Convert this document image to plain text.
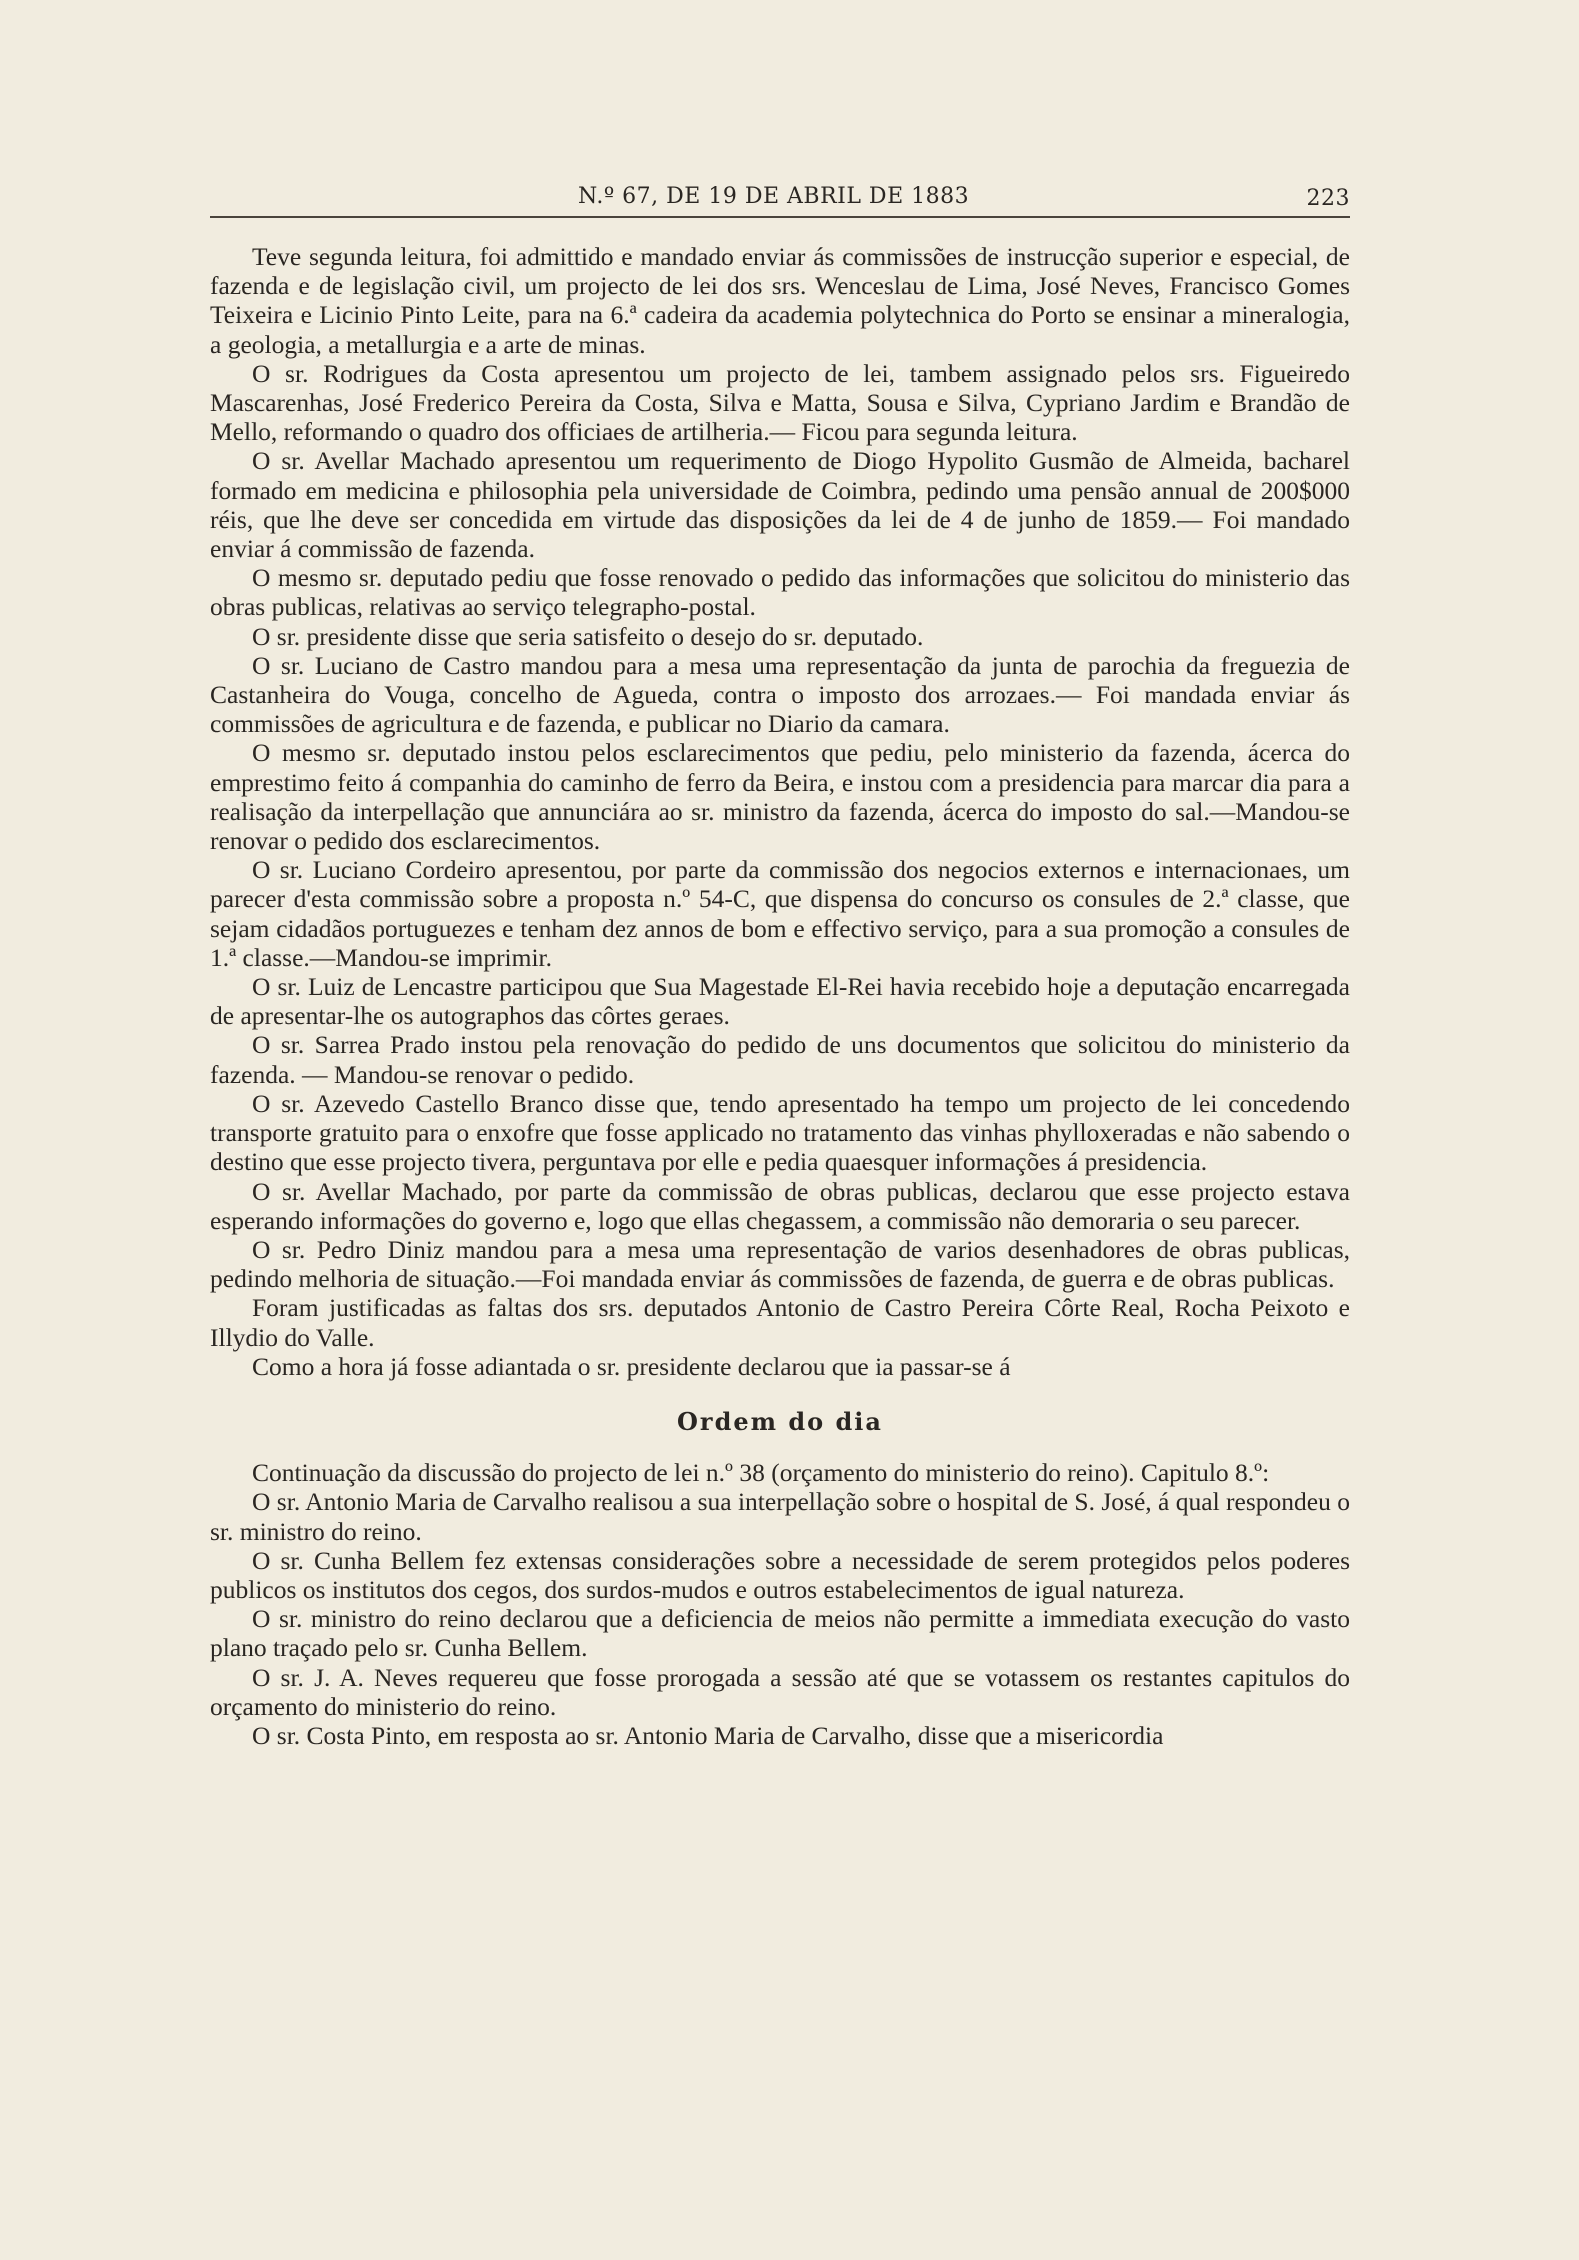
N.º 67, DE 19 DE ABRIL DE 1883	223

Teve segunda leitura, foi admittido e mandado enviar ás commissões de instrucção superior e especial, de fazenda e de legislação civil, um projecto de lei dos srs. Wenceslau de Lima, José Neves, Francisco Gomes Teixeira e Licinio Pinto Leite, para na 6.ª cadeira da academia polytechnica do Porto se ensinar a mineralogia, a geologia, a metallurgia e a arte de minas.

O sr. Rodrigues da Costa apresentou um projecto de lei, tambem assignado pelos srs. Figueiredo Mascarenhas, José Frederico Pereira da Costa, Silva e Matta, Sousa e Silva, Cypriano Jardim e Brandão de Mello, reformando o quadro dos officiaes de artilheria.— Ficou para segunda leitura.

O sr. Avellar Machado apresentou um requerimento de Diogo Hypolito Gusmão de Almeida, bacharel formado em medicina e philosophia pela universidade de Coimbra, pedindo uma pensão annual de 200$000 réis, que lhe deve ser concedida em virtude das disposições da lei de 4 de junho de 1859.— Foi mandado enviar á commissão de fazenda.

O mesmo sr. deputado pediu que fosse renovado o pedido das informações que solicitou do ministerio das obras publicas, relativas ao serviço telegrapho-postal.

O sr. presidente disse que seria satisfeito o desejo do sr. deputado.

O sr. Luciano de Castro mandou para a mesa uma representação da junta de parochia da freguezia de Castanheira do Vouga, concelho de Agueda, contra o imposto dos arrozaes.— Foi mandada enviar ás commissões de agricultura e de fazenda, e publicar no Diario da camara.

O mesmo sr. deputado instou pelos esclarecimentos que pediu, pelo ministerio da fazenda, ácerca do emprestimo feito á companhia do caminho de ferro da Beira, e instou com a presidencia para marcar dia para a realisação da interpellação que annunciára ao sr. ministro da fazenda, ácerca do imposto do sal.—Mandou-se renovar o pedido dos esclarecimentos.

O sr. Luciano Cordeiro apresentou, por parte da commissão dos negocios externos e internacionaes, um parecer d'esta commissão sobre a proposta n.º 54-C, que dispensa do concurso os consules de 2.ª classe, que sejam cidadãos portuguezes e tenham dez annos de bom e effectivo serviço, para a sua promoção a consules de 1.ª classe.—Mandou-se imprimir.

O sr. Luiz de Lencastre participou que Sua Magestade El-Rei havia recebido hoje a deputação encarregada de apresentar-lhe os autographos das côrtes geraes.

O sr. Sarrea Prado instou pela renovação do pedido de uns documentos que solicitou do ministerio da fazenda. — Mandou-se renovar o pedido.

O sr. Azevedo Castello Branco disse que, tendo apresentado ha tempo um projecto de lei concedendo transporte gratuito para o enxofre que fosse applicado no tratamento das vinhas phylloxeradas e não sabendo o destino que esse projecto tivera, perguntava por elle e pedia quaesquer informações á presidencia.

O sr. Avellar Machado, por parte da commissão de obras publicas, declarou que esse projecto estava esperando informações do governo e, logo que ellas chegassem, a commissão não demoraria o seu parecer.

O sr. Pedro Diniz mandou para a mesa uma representação de varios desenhadores de obras publicas, pedindo melhoria de situação.—Foi mandada enviar ás commissões de fazenda, de guerra e de obras publicas.

Foram justificadas as faltas dos srs. deputados Antonio de Castro Pereira Côrte Real, Rocha Peixoto e Illydio do Valle.

Como a hora já fosse adiantada o sr. presidente declarou que ia passar-se á

Ordem do dia

Continuação da discussão do projecto de lei n.º 38 (orçamento do ministerio do reino). Capitulo 8.º:

O sr. Antonio Maria de Carvalho realisou a sua interpellação sobre o hospital de S. José, á qual respondeu o sr. ministro do reino.

O sr. Cunha Bellem fez extensas considerações sobre a necessidade de serem protegidos pelos poderes publicos os institutos dos cegos, dos surdos-mudos e outros estabelecimentos de igual natureza.

O sr. ministro do reino declarou que a deficiencia de meios não permitte a immediata execução do vasto plano traçado pelo sr. Cunha Bellem.

O sr. J. A. Neves requereu que fosse prorogada a sessão até que se votassem os restantes capitulos do orçamento do ministerio do reino.

O sr. Costa Pinto, em resposta ao sr. Antonio Maria de Carvalho, disse que a misericordia
